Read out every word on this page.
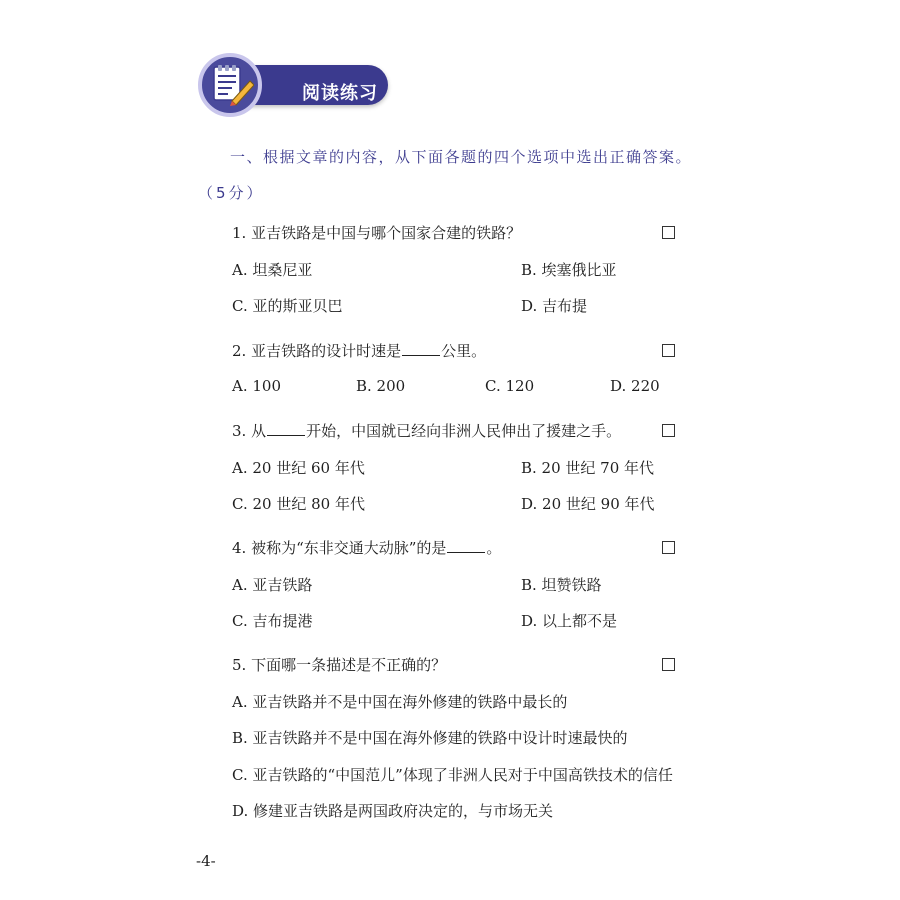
阅读练习
一、根据文章的内容，从下面各题的四个选项中选出正确答案。
（5分）
1. 亚吉铁路是中国与哪个国家合建的铁路？
A. 坦桑尼亚	B. 埃塞俄比亚
C. 亚的斯亚贝巴	D. 吉布提
2. 亚吉铁路的设计时速是	公里。
A. 100	B. 200	C. 120	D. 220
3. 从	开始，中国就已经向非洲人民伸出了援建之手。
A. 20 世纪 60 年代	B. 20 世纪 70 年代
C. 20 世纪 80 年代	D. 20 世纪 90 年代
4. 被称为“东非交通大动脉”的是	。
A. 亚吉铁路	B. 坦赞铁路
C. 吉布提港	D. 以上都不是
5. 下面哪一条描述是不正确的？
A. 亚吉铁路并不是中国在海外修建的铁路中最长的
B. 亚吉铁路并不是中国在海外修建的铁路中设计时速最快的
C. 亚吉铁路的“中国范儿”体现了非洲人民对于中国高铁技术的信任
D. 修建亚吉铁路是两国政府决定的，与市场无关
-4-
